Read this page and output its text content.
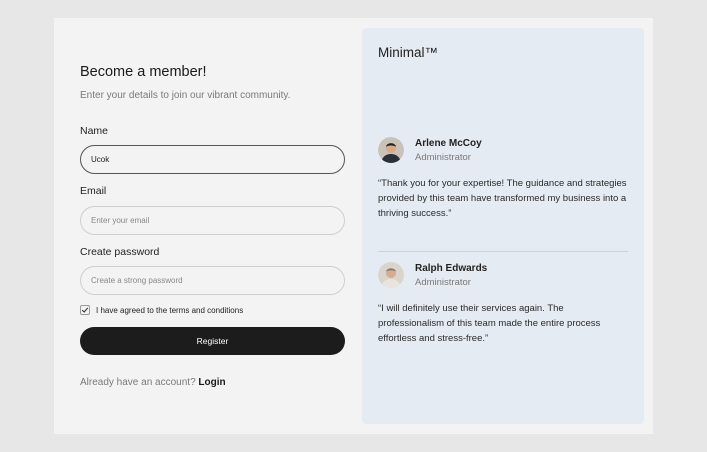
Become a member!
Enter your details to join our vibrant community.
Name
Ucok
Email
Enter your email
Create password
Create a strong password
I have agreed to the terms and conditions
Register
Already have an account? Login
Minimal™
Arlene McCoy
Administrator
“Thank you for your expertise! The guidance and strategies provided by this team have transformed my business into a thriving success.”
Ralph Edwards
Administrator
“I will definitely use their services again. The professionalism of this team made the entire process effortless and stress-free.”
